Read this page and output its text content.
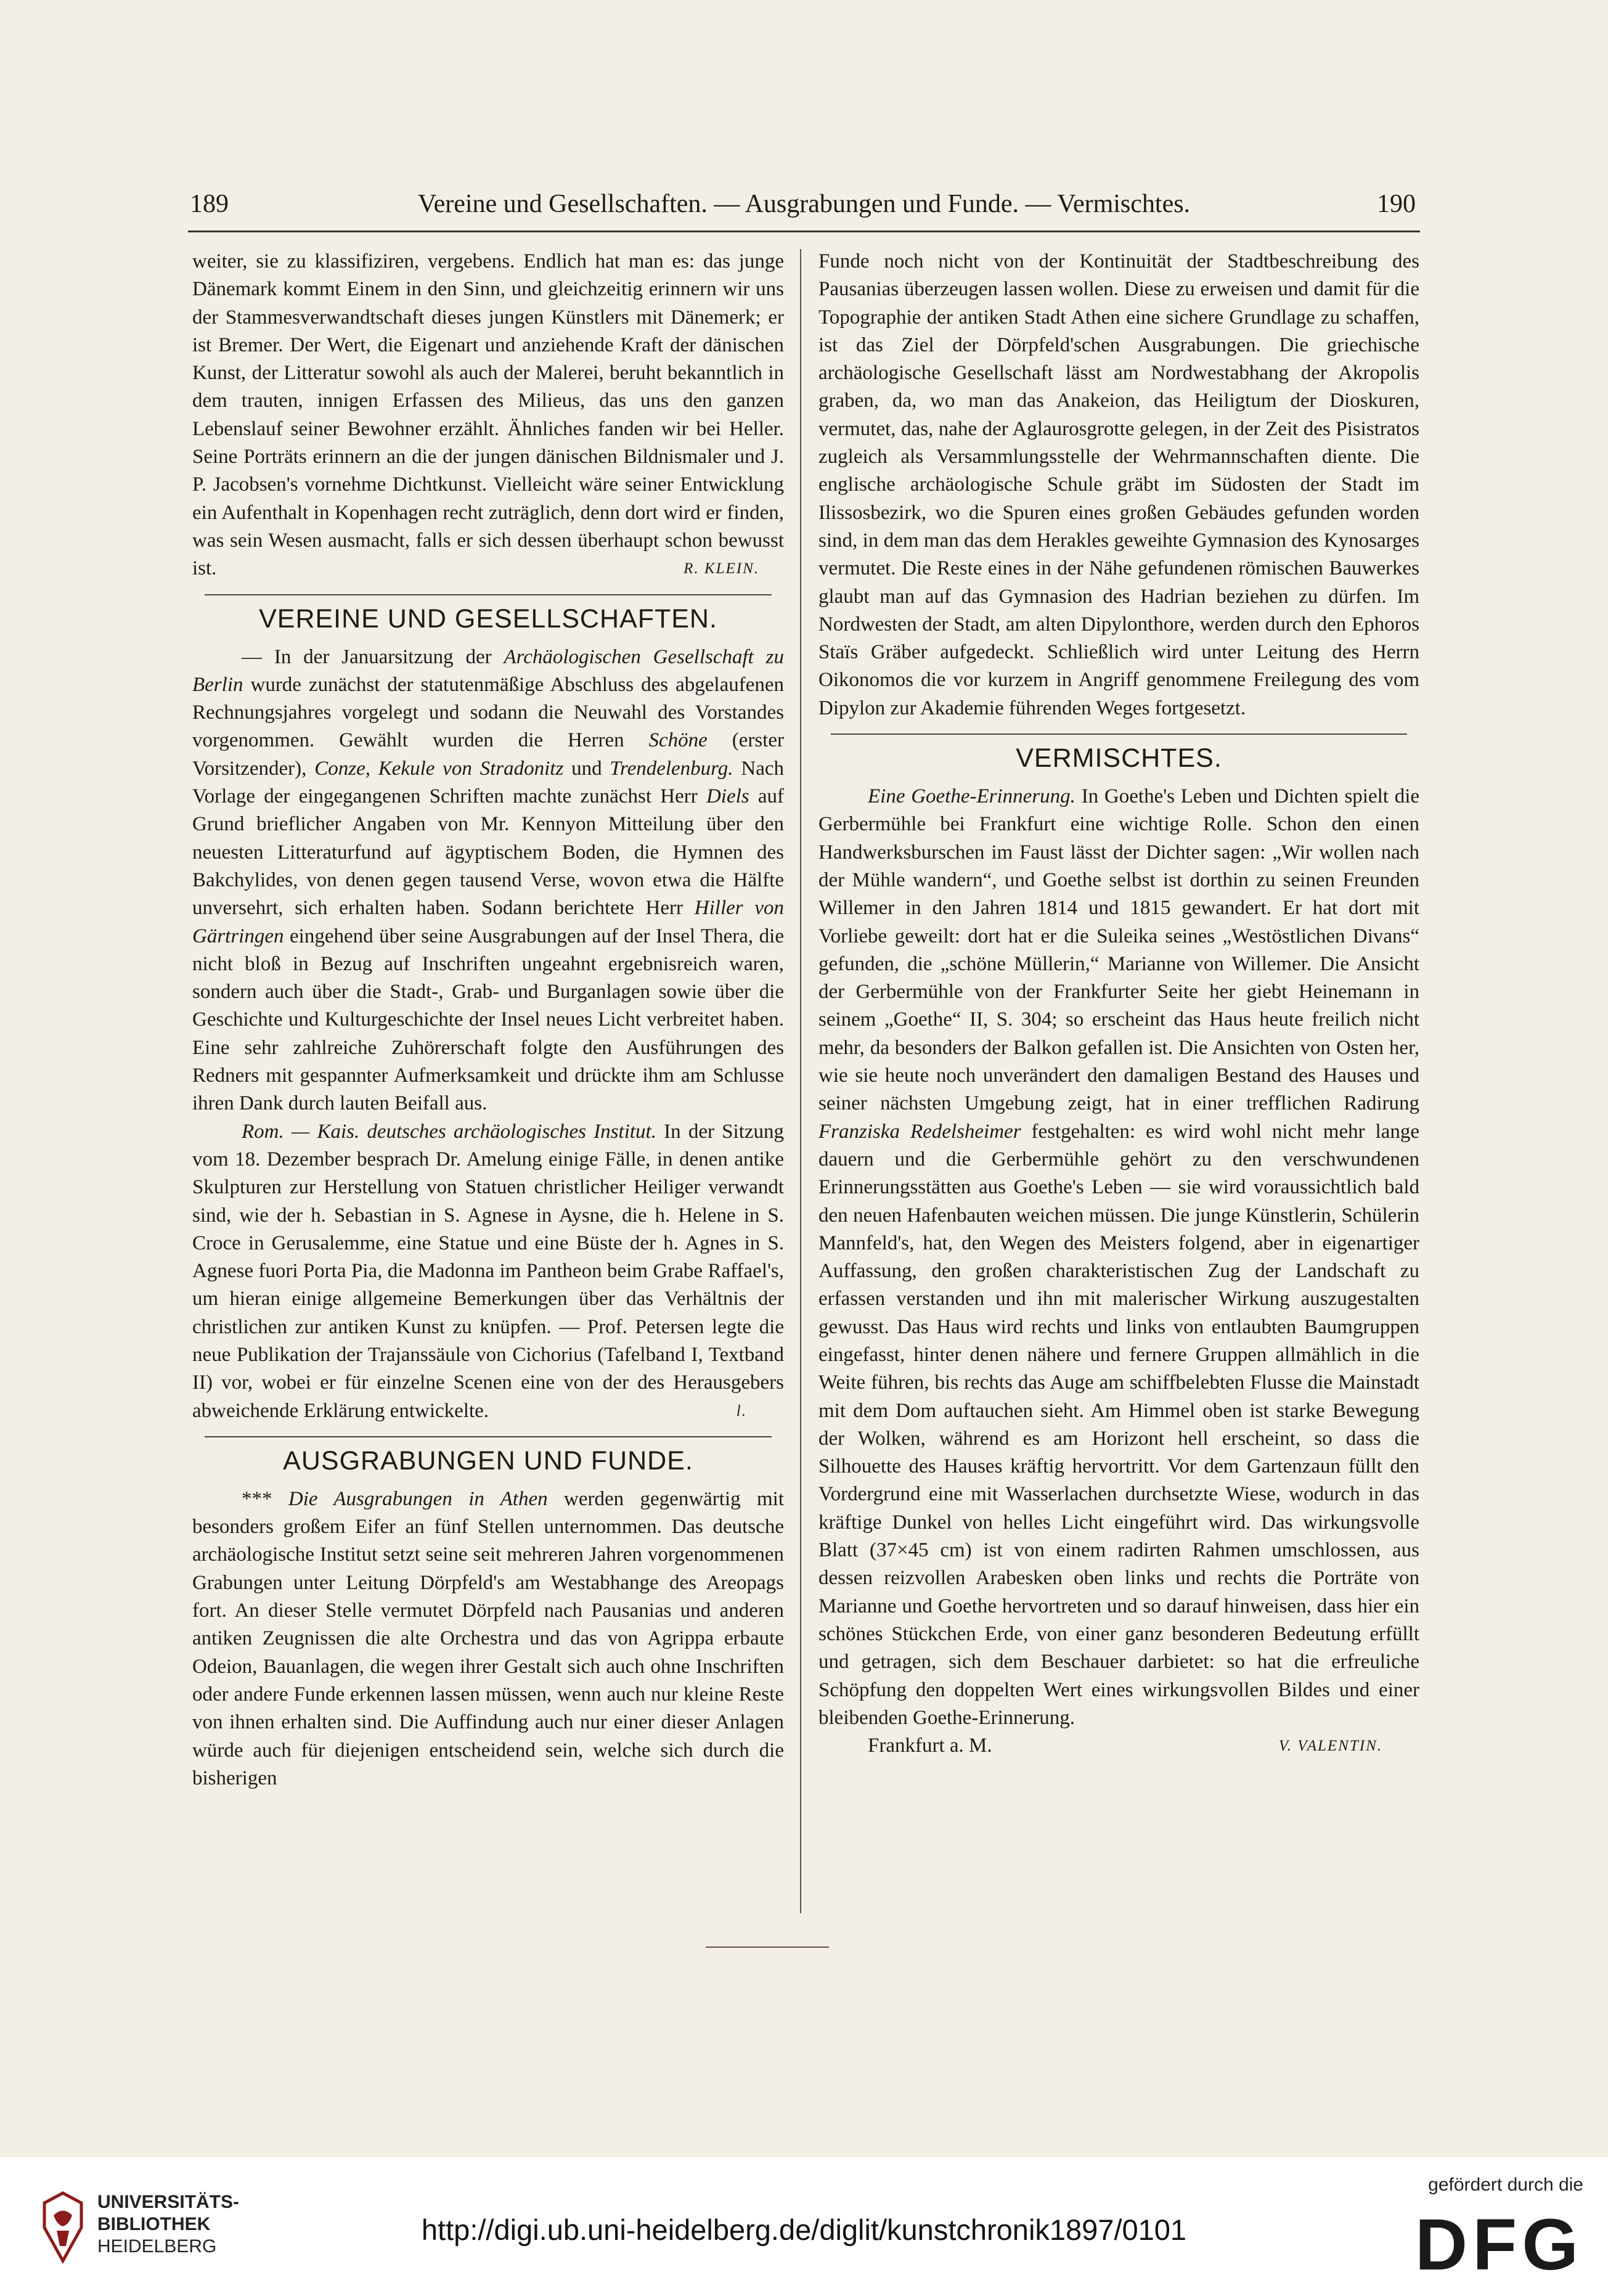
189	Vereine und Gesellschaften. — Ausgrabungen und Funde. — Vermischtes.	190

weiter, sie zu klassifiziren, vergebens. Endlich hat man es: das junge Dänemark kommt Einem in den Sinn, und gleichzeitig erinnern wir uns der Stammesverwandtschaft dieses jungen Künstlers mit Dänemerk; er ist Bremer. Der Wert, die Eigenart und anziehende Kraft der dänischen Kunst, der Litteratur sowohl als auch der Malerei, beruht bekanntlich in dem trauten, innigen Erfassen des Milieus, das uns den ganzen Lebenslauf seiner Bewohner erzählt. Ähnliches fanden wir bei Heller. Seine Porträts erinnern an die der jungen dänischen Bildnismaler und J. P. Jacobsen's vornehme Dichtkunst. Vielleicht wäre seiner Entwicklung ein Aufenthalt in Kopenhagen recht zuträglich, denn dort wird er finden, was sein Wesen ausmacht, falls er sich dessen überhaupt schon bewusst ist.	R. KLEIN.

VEREINE UND GESELLSCHAFTEN.

— In der Januarsitzung der Archäologischen Gesellschaft zu Berlin wurde zunächst der statutenmäßige Abschluss des abgelaufenen Rechnungsjahres vorgelegt und sodann die Neuwahl des Vorstandes vorgenommen. Gewählt wurden die Herren Schöne (erster Vorsitzender), Conze, Kekule von Stradonitz und Trendelenburg. Nach Vorlage der eingegangenen Schriften machte zunächst Herr Diels auf Grund brieflicher Angaben von Mr. Kennyon Mitteilung über den neuesten Litteraturfund auf ägyptischem Boden, die Hymnen des Bakchylides, von denen gegen tausend Verse, wovon etwa die Hälfte unversehrt, sich erhalten haben. Sodann berichtete Herr Hiller von Gärtringen eingehend über seine Ausgrabungen auf der Insel Thera, die nicht bloß in Bezug auf Inschriften ungeahnt ergebnisreich waren, sondern auch über die Stadt-, Grab- und Burganlagen sowie über die Geschichte und Kulturgeschichte der Insel neues Licht verbreitet haben. Eine sehr zahlreiche Zuhörerschaft folgte den Ausführungen des Redners mit gespannter Aufmerksamkeit und drückte ihm am Schlusse ihren Dank durch lauten Beifall aus.

Rom. — Kais. deutsches archäologisches Institut. In der Sitzung vom 18. Dezember besprach Dr. Amelung einige Fälle, in denen antike Skulpturen zur Herstellung von Statuen christlicher Heiliger verwandt sind, wie der h. Sebastian in S. Agnese in Aysne, die h. Helene in S. Croce in Gerusalemme, eine Statue und eine Büste der h. Agnes in S. Agnese fuori Porta Pia, die Madonna im Pantheon beim Grabe Raffael's, um hieran einige allgemeine Bemerkungen über das Verhältnis der christlichen zur antiken Kunst zu knüpfen. — Prof. Petersen legte die neue Publikation der Trajanssäule von Cichorius (Tafelband I, Textband II) vor, wobei er für einzelne Scenen eine von der des Herausgebers abweichende Erklärung entwickelte.	l.

AUSGRABUNGEN UND FUNDE.

*** Die Ausgrabungen in Athen werden gegenwärtig mit besonders großem Eifer an fünf Stellen unternommen. Das deutsche archäologische Institut setzt seine seit mehreren Jahren vorgenommenen Grabungen unter Leitung Dörpfeld's am Westabhange des Areopags fort. An dieser Stelle vermutet Dörpfeld nach Pausanias und anderen antiken Zeugnissen die alte Orchestra und das von Agrippa erbaute Odeion, Bauanlagen, die wegen ihrer Gestalt sich auch ohne Inschriften oder andere Funde erkennen lassen müssen, wenn auch nur kleine Reste von ihnen erhalten sind. Die Auffindung auch nur einer dieser Anlagen würde auch für diejenigen entscheidend sein, welche sich durch die bisherigen

Funde noch nicht von der Kontinuität der Stadtbeschreibung des Pausanias überzeugen lassen wollen. Diese zu erweisen und damit für die Topographie der antiken Stadt Athen eine sichere Grundlage zu schaffen, ist das Ziel der Dörpfeld'schen Ausgrabungen. Die griechische archäologische Gesellschaft lässt am Nordwestabhang der Akropolis graben, da, wo man das Anakeion, das Heiligtum der Dioskuren, vermutet, das, nahe der Aglaurosgrotte gelegen, in der Zeit des Pisistratos zugleich als Versammlungsstelle der Wehrmannschaften diente. Die englische archäologische Schule gräbt im Südosten der Stadt im Ilissosbezirk, wo die Spuren eines großen Gebäudes gefunden worden sind, in dem man das dem Herakles geweihte Gymnasion des Kynosarges vermutet. Die Reste eines in der Nähe gefundenen römischen Bauwerkes glaubt man auf das Gymnasion des Hadrian beziehen zu dürfen. Im Nordwesten der Stadt, am alten Dipylonthore, werden durch den Ephoros Staïs Gräber aufgedeckt. Schließlich wird unter Leitung des Herrn Oikonomos die vor kurzem in Angriff genommene Freilegung des vom Dipylon zur Akademie führenden Weges fortgesetzt.

VERMISCHTES.

Eine Goethe-Erinnerung. In Goethe's Leben und Dichten spielt die Gerbermühle bei Frankfurt eine wichtige Rolle. Schon den einen Handwerksburschen im Faust lässt der Dichter sagen: „Wir wollen nach der Mühle wandern“, und Goethe selbst ist dorthin zu seinen Freunden Willemer in den Jahren 1814 und 1815 gewandert. Er hat dort mit Vorliebe geweilt: dort hat er die Suleika seines „Westöstlichen Divans“ gefunden, die „schöne Müllerin,“ Marianne von Willemer. Die Ansicht der Gerbermühle von der Frankfurter Seite her giebt Heinemann in seinem „Goethe“ II, S. 304; so erscheint das Haus heute freilich nicht mehr, da besonders der Balkon gefallen ist. Die Ansichten von Osten her, wie sie heute noch unverändert den damaligen Bestand des Hauses und seiner nächsten Umgebung zeigt, hat in einer trefflichen Radirung Franziska Redelsheimer festgehalten: es wird wohl nicht mehr lange dauern und die Gerbermühle gehört zu den verschwundenen Erinnerungsstätten aus Goethe's Leben — sie wird voraussichtlich bald den neuen Hafenbauten weichen müssen. Die junge Künstlerin, Schülerin Mannfeld's, hat, den Wegen des Meisters folgend, aber in eigenartiger Auffassung, den großen charakteristischen Zug der Landschaft zu erfassen verstanden und ihn mit malerischer Wirkung auszugestalten gewusst. Das Haus wird rechts und links von entlaubten Baumgruppen eingefasst, hinter denen nähere und fernere Gruppen allmählich in die Weite führen, bis rechts das Auge am schiffbelebten Flusse die Mainstadt mit dem Dom auftauchen sieht. Am Himmel oben ist starke Bewegung der Wolken, während es am Horizont hell erscheint, so dass die Silhouette des Hauses kräftig hervortritt. Vor dem Gartenzaun füllt den Vordergrund eine mit Wasserlachen durchsetzte Wiese, wodurch in das kräftige Dunkel von helles Licht eingeführt wird. Das wirkungsvolle Blatt (37×45 cm) ist von einem radirten Rahmen umschlossen, aus dessen reizvollen Arabesken oben links und rechts die Porträte von Marianne und Goethe hervortreten und so darauf hinweisen, dass hier ein schönes Stückchen Erde, von einer ganz besonderen Bedeutung erfüllt und getragen, sich dem Beschauer darbietet: so hat die erfreuliche Schöpfung den doppelten Wert eines wirkungsvollen Bildes und einer bleibenden Goethe-Erinnerung.

Frankfurt a. M.	V. VALENTIN.
UNIVERSITÄTS-
BIBLIOTHEK
HEIDELBERG
http://digi.ub.uni-heidelberg.de/diglit/kunstchronik1897/0101
gefördert durch die
DFG
